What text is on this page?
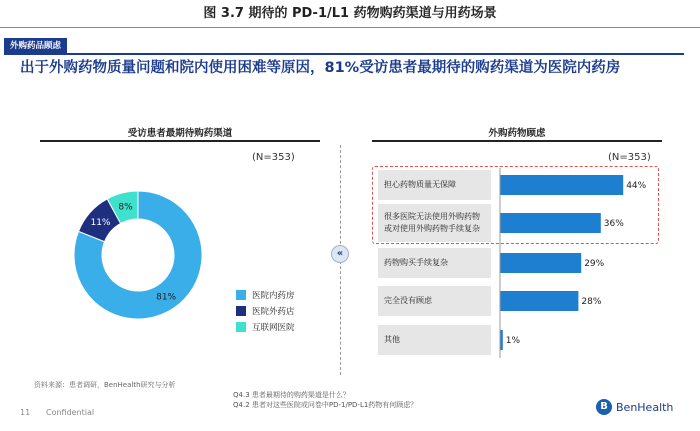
图 3.7 期待的 PD-1/L1 药物购药渠道与用药场景
外购药品顾虑
出于外购药物质量问题和院内使用困难等原因，81%受访患者最期待的购药渠道为医院内药房
受访患者最期待购药渠道
(N=353)
«
外购药物顾虑
(N=353)
11%
8%
81%
44%
36%
29%
28%
1%
医院内药房
医院外药店
互联网医院
担心药物质量无保障
很多医院无法使用外购药物或对使用外购药物手续复杂
药物购买手续复杂
完全没有顾虑
其他
资料来源：患者调研，BenHealth研究与分析
Q4.3 患者最期待的购药渠道是什么？
Q4.2 患者对这些医院或问卷中PD-1/PD-L1药物有何顾虑？
11 Confidential
B BenHealth
